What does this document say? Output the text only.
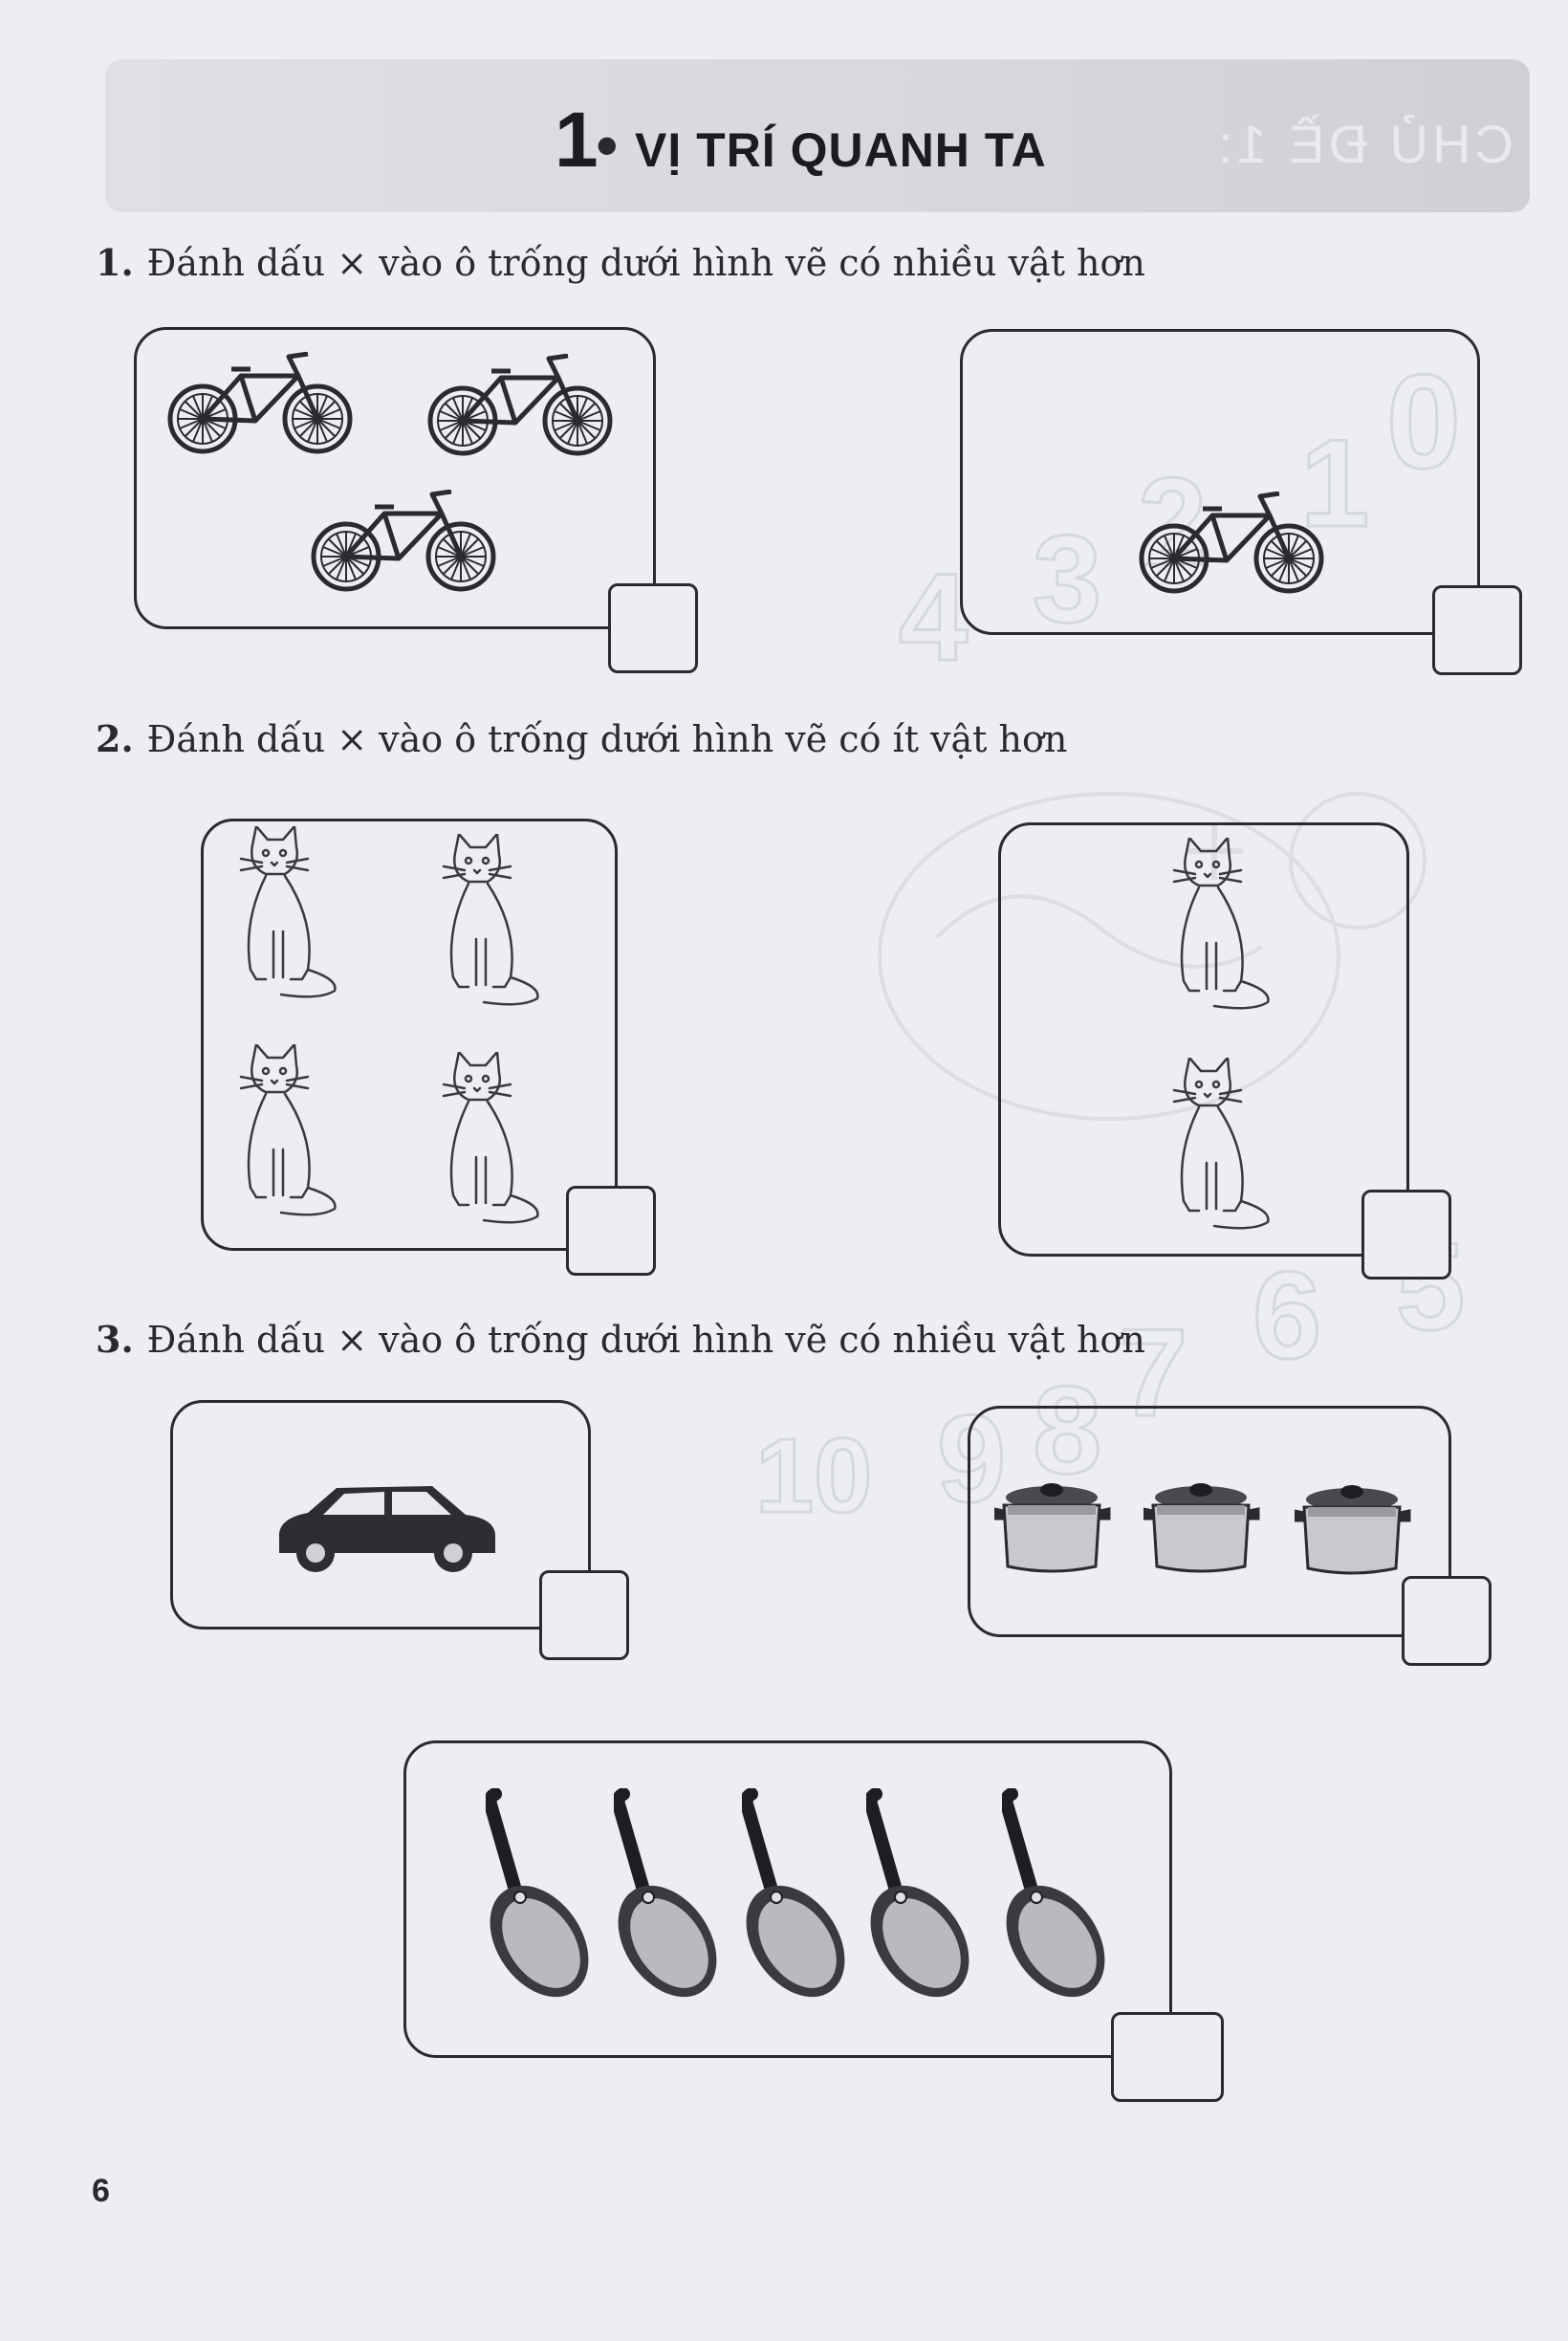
0
1
2
3
4
5
6
7
8
9
10
CHỦ ĐỀ 1:
1 • VỊ TRÍ QUANH TA
1. Đánh dấu × vào ô trống dưới hình vẽ có nhiều vật hơn
2. Đánh dấu × vào ô trống dưới hình vẽ có ít vật hơn
3. Đánh dấu × vào ô trống dưới hình vẽ có nhiều vật hơn
6
